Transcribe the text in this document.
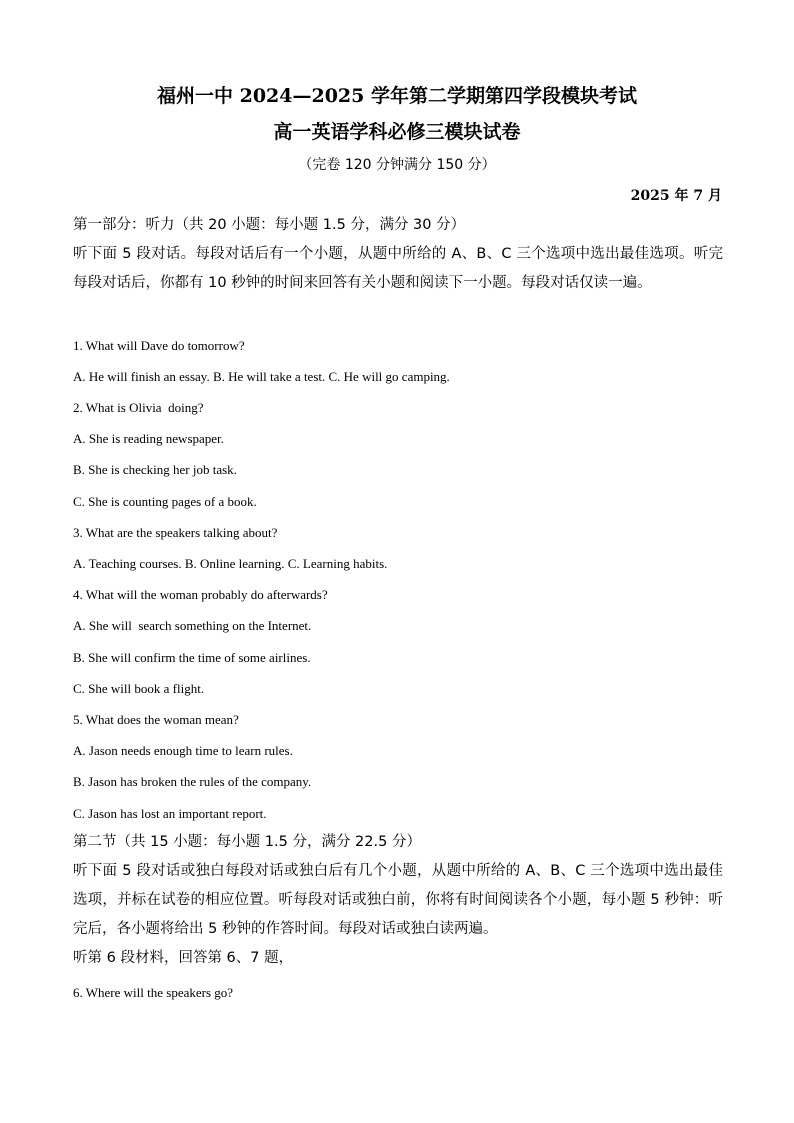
福州一中 2024—2025 学年第二学期第四学段模块考试
高一英语学科必修三模块试卷
（完卷 120 分钟满分 150 分）
2025 年 7 月
第一部分：听力（共 20 小题：每小题 1.5 分，满分 30 分）
听下面 5 段对话。每段对话后有一个小题，从题中所给的 A、B、C 三个选项中选出最佳选项。听完每段对话后，你都有 10 秒钟的时间来回答有关小题和阅读下一小题。每段对话仅读一遍。
1. What will Dave do tomorrow?
A. He will finish an essay. B. He will take a test. C. He will go camping.
2. What is Olivia  doing?
A. She is reading newspaper.
B. She is checking her job task.
C. She is counting pages of a book.
3. What are the speakers talking about?
A. Teaching courses. B. Online learning. C. Learning habits.
4. What will the woman probably do afterwards?
A. She will  search something on the Internet.
B. She will confirm the time of some airlines.
C. She will book a flight.
5. What does the woman mean?
A. Jason needs enough time to learn rules.
B. Jason has broken the rules of the company.
C. Jason has lost an important report.
第二节（共 15 小题：每小题 1.5 分，满分 22.5 分）
听下面 5 段对话或独白每段对话或独白后有几个小题，从题中所给的 A、B、C 三个选项中选出最佳选项，并标在试卷的相应位置。听每段对话或独白前，你将有时间阅读各个小题，每小题 5 秒钟：听完后，各小题将给出 5 秒钟的作答时间。每段对话或独白读两遍。
听第 6 段材料，回答第 6、7 题，
6. Where will the speakers go?
